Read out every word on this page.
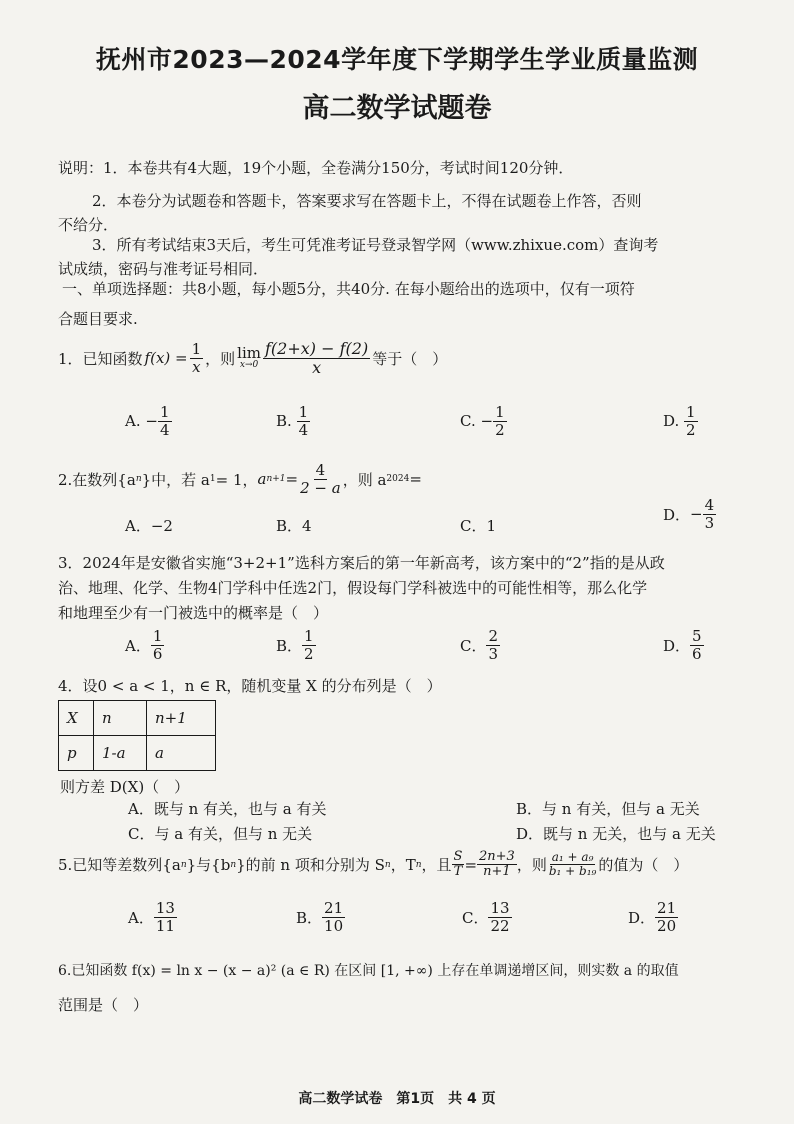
抚州市2023—2024学年度下学期学生学业质量监测
高二数学试题卷
说明：1．本卷共有4大题，19个小题，全卷满分150分，考试时间120分钟．
2．本卷分为试题卷和答题卡，答案要求写在答题卡上，不得在试题卷上作答，否则
不给分．
3．所有考试结束3天后，考生可凭准考证号登录智学网（www.zhixue.com）查询考
试成绩，密码与准考证号相同．
一、单项选择题：共8小题，每小题5分，共40分. 在每小题给出的选项中，仅有一项符
合题目要求.
1．已知函数 $f(x) = \frac{1}{x}$ ，则 lim
$x\to 0 \frac{f(2+x) - f(2)}{x}$ 等于（　）
A.
− $\frac{1}{4}$	B.
$\frac{1}{4}$	C.
− $\frac{1}{2}$	D.
$\frac{1}{2}$
2.在数列{a n }中，若 a 1 = 1， a $n+1 = \frac{4}{2 - a}$ ，则 a 2024 =
A．−2	B．4	C．1
D． − $\frac{4}{3}$
3．2024年是安徽省实施“3+2+1”选科方案后的第一年新高考，该方案中的“2”指的是从政
治、地理、化学、生物4门学科中任选2门，假设每门学科被选中的可能性相等，那么化学
和地理至少有一门被选中的概率是（　）
A． $\frac{1}{6}$	B． $\frac{1}{2}$	C． $\frac{2}{3}$	D． $\frac{5}{6}$
4．设0 < a < 1，n ∈ R，随机变量 X 的分布列是（　）
X	n	n+1
p	1-a	a
则方差 D(X)（　）
A．既与 n 有关，也与 a 有关	B．与 n 有关，但与 a 无关
C．与 a 有关，但与 n 无关	D．既与 n 无关，也与 a 无关
5.已知等差数列{a n }与{b n }的前 n 项和分别为 S n ，T n ，且 $\frac{S}{T} = \frac{2n+3}{n+1}$ ，则 $\frac{\text{a₁ + a₉}}{\text{b₁ + b₁₉}}$ 的值为（　）
A． $\frac{13}{11}$	B． $\frac{21}{10}$	C． $\frac{13}{22}$	D． $\frac{21}{20}$
6.已知函数 f(x) = ln x − (x − a)² (a ∈ R) 在区间 [1, +∞) 上存在单调递增区间，则实数 a 的取值
范围是（　）
高二数学试卷　第1页　共 4 页
